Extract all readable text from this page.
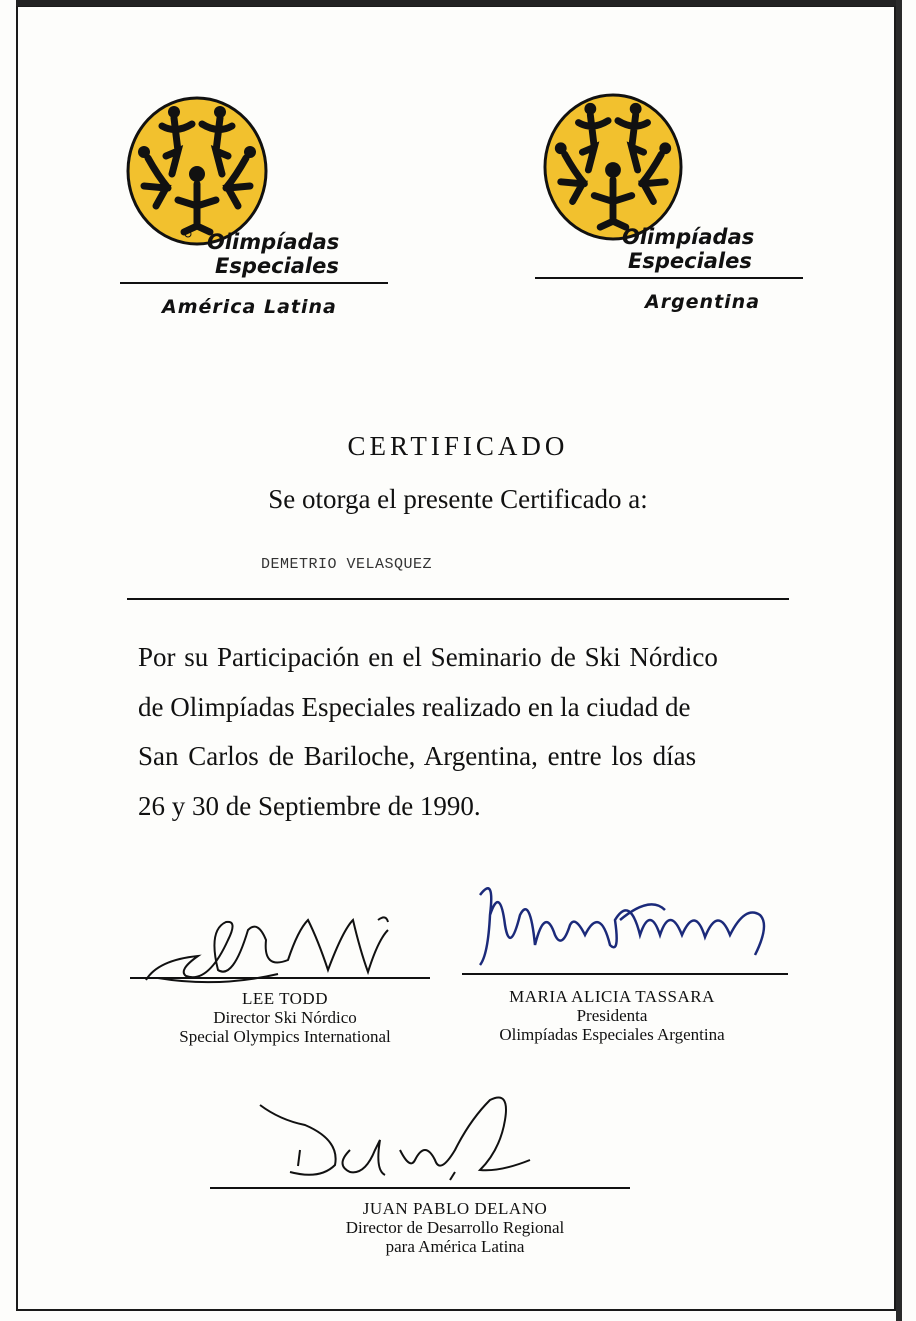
Olimpíadas
Especiales
América Latina
Olimpíadas
Especiales
Argentina
CERTIFICADO
Se otorga el presente Certificado a:
DEMETRIO VELASQUEZ
Por su Participación en el Seminario de Ski Nórdico
de Olimpíadas Especiales realizado en la ciudad de
San Carlos de Bariloche, Argentina, entre los días
26 y 30 de Septiembre de 1990.
LEE TODD
Director Ski Nórdico
Special Olympics International
MARIA ALICIA TASSARA
Presidenta
Olimpíadas Especiales Argentina
JUAN PABLO DELANO
Director de Desarrollo Regional
para América Latina
